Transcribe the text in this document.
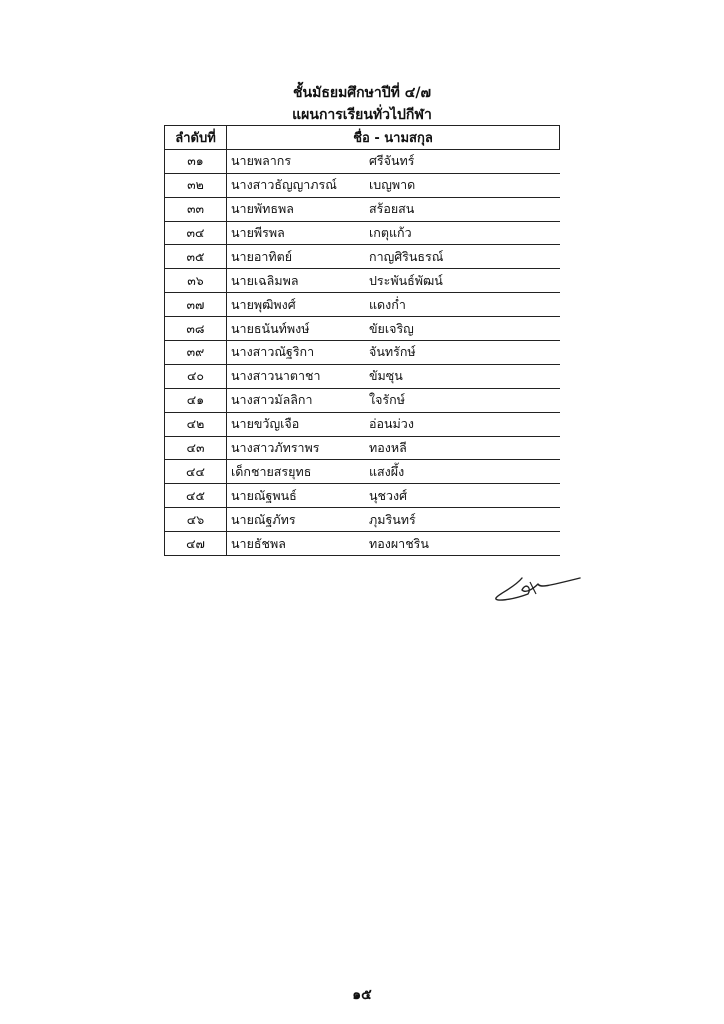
ชั้นมัธยมศึกษาปีที่ ๔/๗
แผนการเรียนทั่วไปกีฬา
ลำดับที่	ชื่อ - นามสกุล
๓๑	นายพลากร ศรีจันทร์
๓๒	นางสาวธัญญาภรณ์ เบญพาด
๓๓	นายพัทธพล สร้อยสน
๓๔	นายพีรพล เกตุแก้ว
๓๕	นายอาทิตย์ กาญศิรินธรณ์
๓๖	นายเฉลิมพล ประพันธ์พัฒน์
๓๗	นายพุฒิพงศ์ แดงก่ำ
๓๘	นายธนันท์พงษ์ ขัยเจริญ
๓๙	นางสาวณัฐริกา จันทรักษ์
๔๐	นางสาวนาตาชา ขัมซุน
๔๑	นางสาวมัลลิกา ใจรักษ์
๔๒	นายขวัญเจือ อ่อนม่วง
๔๓	นางสาวภัทราพร ทองหลี
๔๔	เด็กชายสรยุทธ แสงผึ้ง
๔๕	นายณัฐพนธ์ นุชวงศ์
๔๖	นายณัฐภัทร ภุมรินทร์
๔๗	นายธัชพล ทองผาชริน
๑๕
